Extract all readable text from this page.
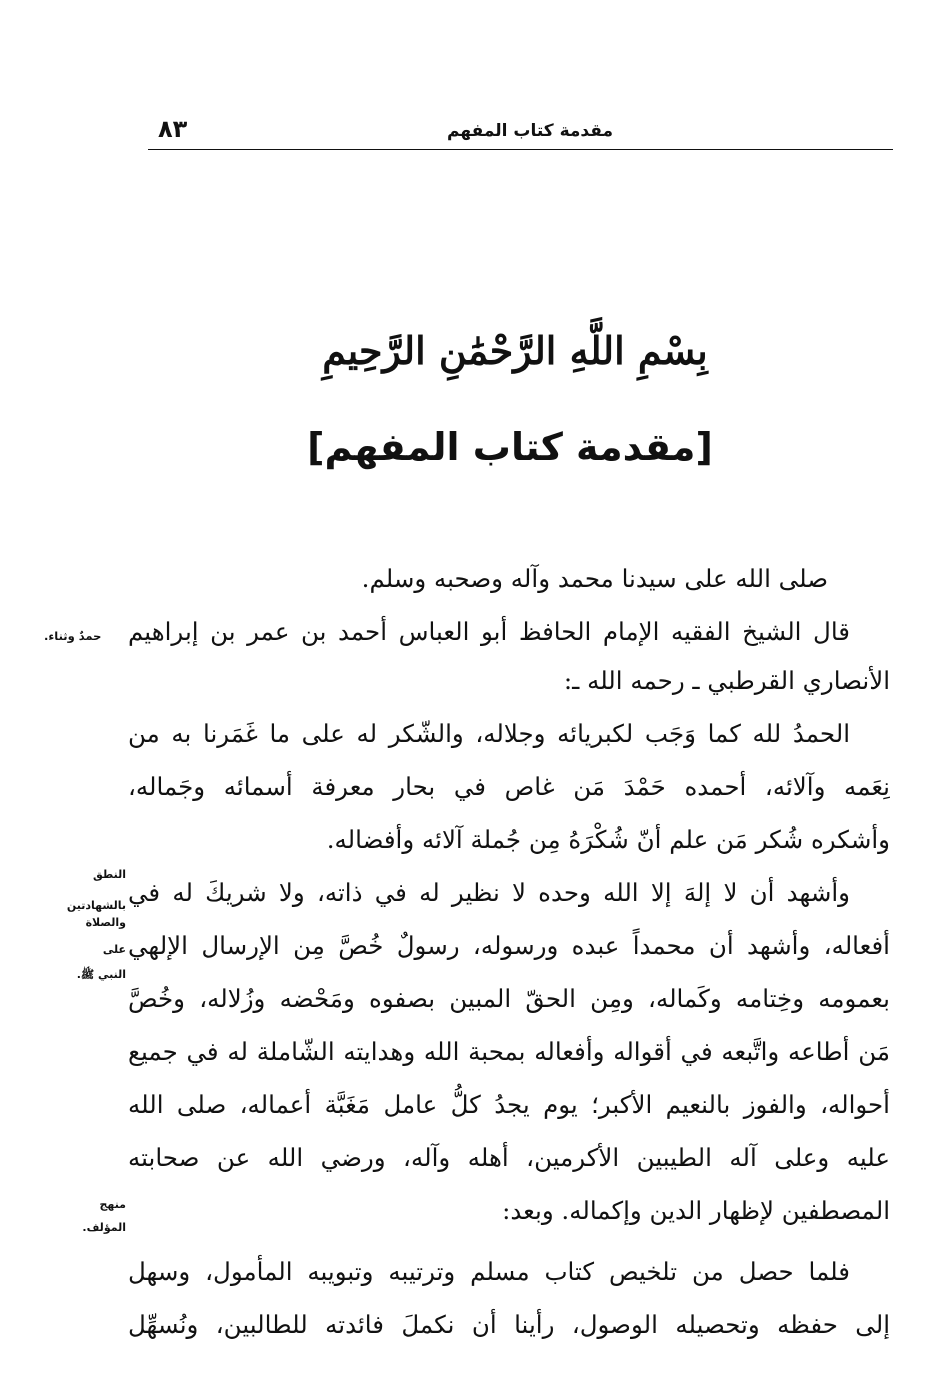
مقدمة كتاب المفهم
٨٣
بِسْمِ اللَّهِ الرَّحْمَٰنِ الرَّحِيمِ
[مقدمة كتاب المفهم]
صلى الله على سيدنا محمد وآله وصحبه وسلم.
قال الشيخ الفقيه الإمام الحافظ أبو العباس أحمد بن عمر بن إبراهيم
الأنصاري القرطبي ـ رحمه الله ـ:
الحمدُ لله كما وَجَب لكبريائه وجلاله، والشّكر له على ما غَمَرنا به من
نِعَمه وآلائه، أحمده حَمْدَ مَن غاص في بحار معرفة أسمائه وجَماله،
وأشكره شُكر مَن علم أنّ شُكْرَهُ مِن جُملة آلائه وأفضاله.
وأشهد أن لا إلهَ إلا الله وحده لا نظير له في ذاته، ولا شريكَ له في
أفعاله، وأشهد أن محمداً عبده ورسوله، رسولٌ خُصَّ مِن الإرسال الإلهي
بعمومه وخِتامه وكَماله، ومِن الحقّ المبين بصفوه ومَحْضه وزُلاله، وخُصَّ
مَن أطاعه واتَّبعه في أقواله وأفعاله بمحبة الله وهدايته الشّاملة له في جميع
أحواله، والفوز بالنعيم الأكبر؛ يوم يجدُ كلُّ عامل مَغَبَّة أعماله، صلى الله
عليه وعلى آله الطيبين الأكرمين، أهله وآله، ورضي الله عن صحابته
المصطفين لإظهار الدين وإكماله. وبعد:
فلما حصل من تلخيص كتاب مسلم وترتيبه وتبويبه المأمول، وسهل
إلى حفظه وتحصيله الوصول، رأينا أن نكملَ فائدته للطالبين، ونُسهِّل
حمدٌ وثناء.
النطق
بالشهادتين
والصلاة
على
النبي ﷺ.
منهج
المؤلف.
